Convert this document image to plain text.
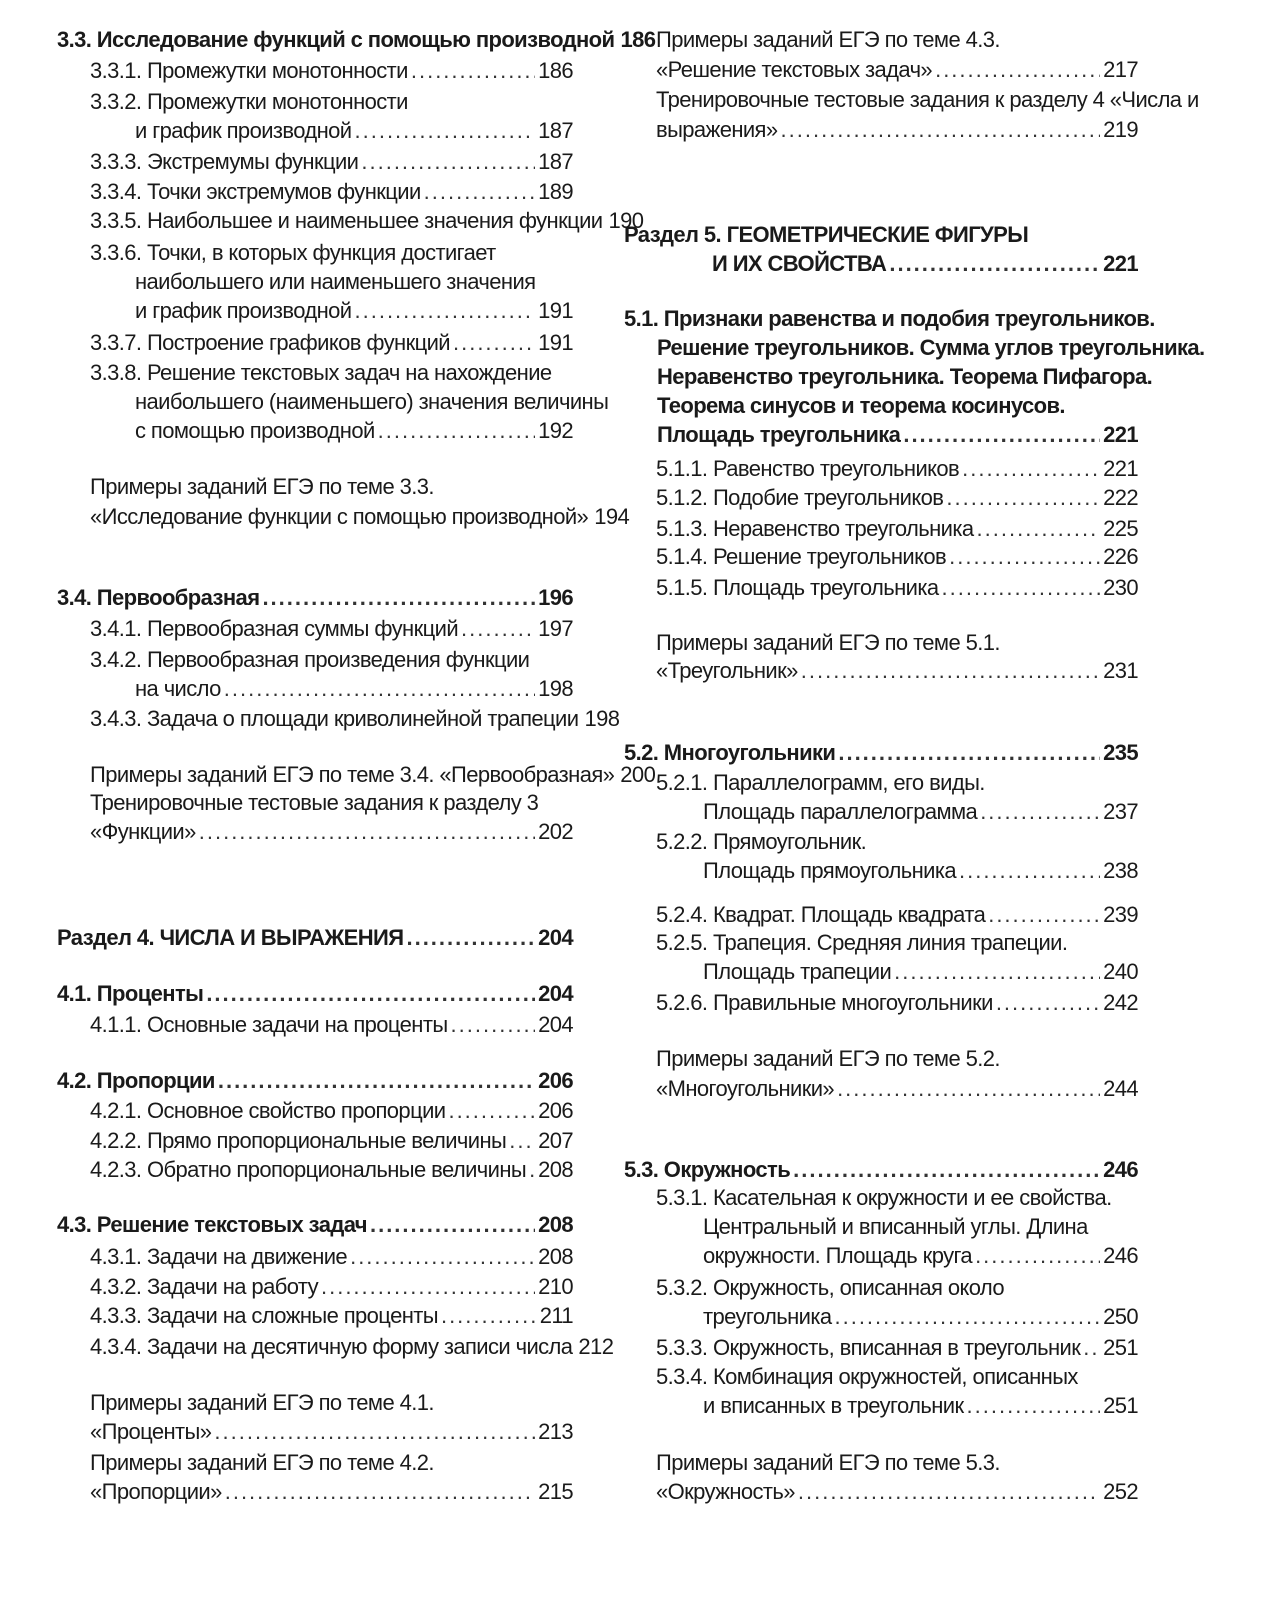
3.3. Исследование функций с помощью производной 186
3.3.1. Промежутки монотонности .....	186
3.3.2. Промежутки монотонности
и график производной .....	187
3.3.3. Экстремумы функции .....	187
3.3.4. Точки экстремумов функции .....	189
3.3.5. Наибольшее и наименьшее значения функции 190
3.3.6. Точки, в которых функция достигает
наибольшего или наименьшего значения
и график производной .....	191
3.3.7. Построение графиков функций .....	191
3.3.8. Решение текстовых задач на нахождение
наибольшего (наименьшего) значения величины
с помощью производной .....	192
Примеры заданий ЕГЭ по теме 3.3.
«Исследование функции с помощью производной» 194
3.4. Первообразная .....	196
3.4.1. Первообразная суммы функций .....	197
3.4.2. Первообразная произведения функции
на число .....	198
3.4.3. Задача о площади криволинейной трапеции 198
Примеры заданий ЕГЭ по теме 3.4. «Первообразная» 200
Тренировочные тестовые задания к разделу 3
«Функции» .....	202
Раздел 4. ЧИСЛА И ВЫРАЖЕНИЯ .....	204
4.1. Проценты .....	204
4.1.1. Основные задачи на проценты .....	204
4.2. Пропорции .....	206
4.2.1. Основное свойство пропорции .....	206
4.2.2. Прямо пропорциональные величины ..... 207
4.2.3. Обратно пропорциональные величины ..... 208
4.3. Решение текстовых задач .....	208
4.3.1. Задачи на движение .....	208
4.3.2. Задачи на работу .....	210
4.3.3. Задачи на сложные проценты .....	211
4.3.4. Задачи на десятичную форму записи числа 212
Примеры заданий ЕГЭ по теме 4.1.
«Проценты» .....	213
Примеры заданий ЕГЭ по теме 4.2.
«Пропорции» .....	215
Примеры заданий ЕГЭ по теме 4.3.
«Решение текстовых задач» .....	217
Тренировочные тестовые задания к разделу 4 «Числа и
выражения» .....	219
Раздел 5. ГЕОМЕТРИЧЕСКИЕ ФИГУРЫ
И ИХ СВОЙСТВА .....	221
5.1. Признаки равенства и подобия треугольников.
Решение треугольников. Сумма углов треугольника.
Неравенство треугольника. Теорема Пифагора.
Теорема синусов и теорема косинусов.
Площадь треугольника .....	221
5.1.1. Равенство треугольников .....	221
5.1.2. Подобие треугольников .....	222
5.1.3. Неравенство треугольника .....	225
5.1.4. Решение треугольников .....	226
5.1.5. Площадь треугольника .....	230
Примеры заданий ЕГЭ по теме 5.1.
«Треугольник» .....	231
5.2. Многоугольники .....	235
5.2.1. Параллелограмм, его виды.
Площадь параллелограмма .....	237
5.2.2. Прямоугольник.
Площадь прямоугольника .....	238
5.2.4. Квадрат. Площадь квадрата .....	239
5.2.5. Трапеция. Средняя линия трапеции.
Площадь трапеции .....	240
5.2.6. Правильные многоугольники .....	242
Примеры заданий ЕГЭ по теме 5.2.
«Многоугольники» .....	244
5.3. Окружность .....	246
5.3.1. Касательная к окружности и ее свойства.
Центральный и вписанный углы. Длина
окружности. Площадь круга .....	246
5.3.2. Окружность, описанная около
треугольника .....	250
5.3.3. Окружность, вписанная в треугольник ..... 251
5.3.4. Комбинация окружностей, описанных
и вписанных в треугольник .....	251
Примеры заданий ЕГЭ по теме 5.3.
«Окружность» .....	252
